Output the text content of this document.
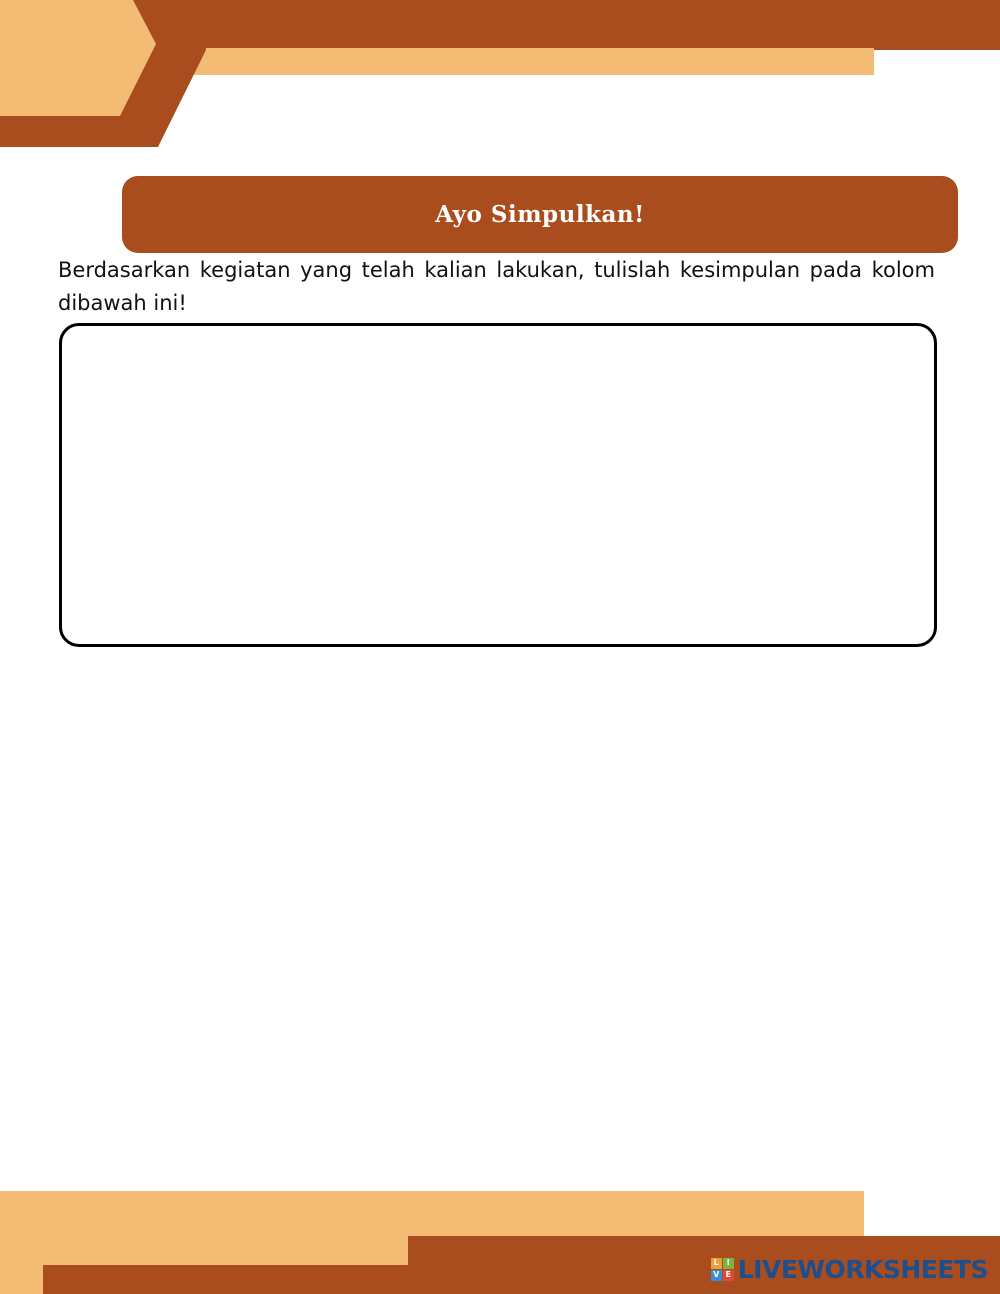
Ayo Simpulkan!

Berdasarkan kegiatan yang telah kalian lakukan, tulislah kesimpulan pada kolom dibawah ini!

L I
V E LIVEWORKSHEETS
